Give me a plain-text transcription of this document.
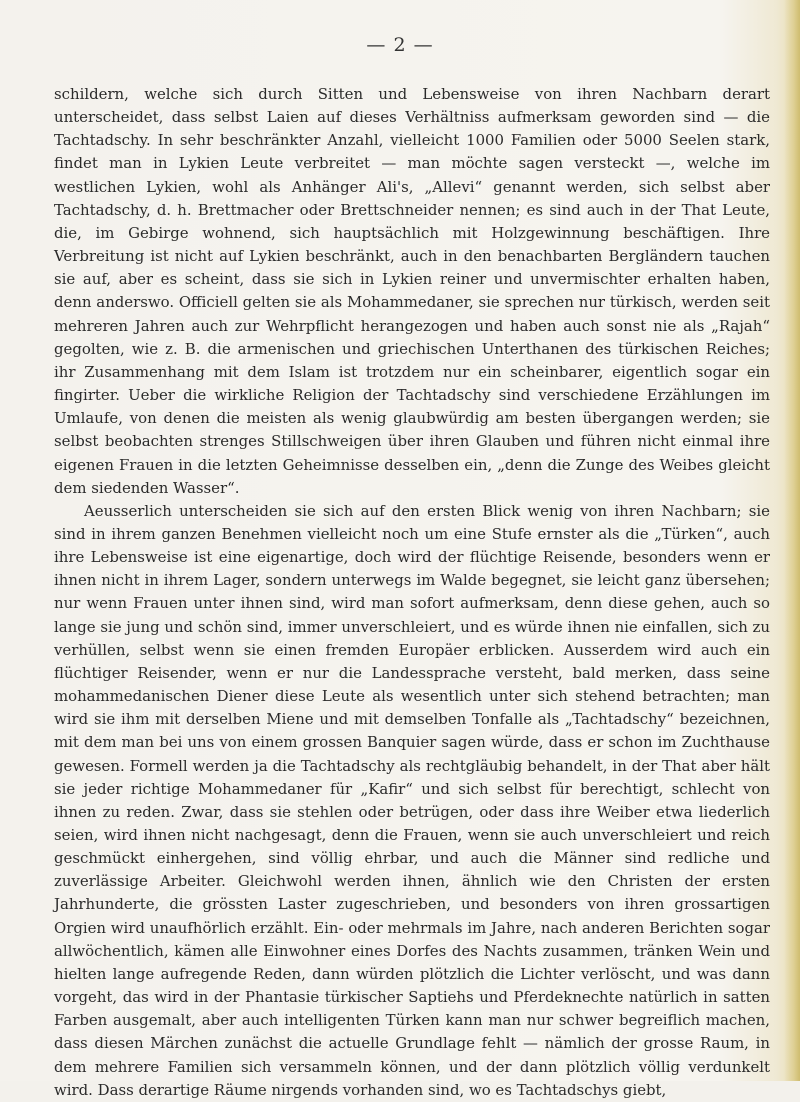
— 2 —

schildern, welche sich durch Sitten und Lebensweise von ihren Nachbarn derart unterscheidet, dass selbst Laien auf dieses Verhältniss aufmerksam geworden sind — die Tachtadschy. In sehr beschränkter Anzahl, vielleicht 1000 Familien oder 5000 Seelen stark, findet man in Lykien Leute verbreitet — man möchte sagen versteckt —, welche im westlichen Lykien, wohl als Anhänger Ali's, „Allevi“ genannt werden, sich selbst aber Tachtadschy, d. h. Brettmacher oder Brettschneider nennen; es sind auch in der That Leute, die, im Gebirge wohnend, sich hauptsächlich mit Holzgewinnung beschäftigen. Ihre Verbreitung ist nicht auf Lykien beschränkt, auch in den benachbarten Bergländern tauchen sie auf, aber es scheint, dass sie sich in Lykien reiner und unvermischter erhalten haben, denn anderswo. Officiell gelten sie als Mohammedaner, sie sprechen nur türkisch, werden seit mehreren Jahren auch zur Wehrpflicht herangezogen und haben auch sonst nie als „Rajah“ gegolten, wie z. B. die armenischen und griechischen Unterthanen des türkischen Reiches; ihr Zusammenhang mit dem Islam ist trotzdem nur ein scheinbarer, eigentlich sogar ein fingirter. Ueber die wirkliche Religion der Tachtadschy sind verschiedene Erzählungen im Umlaufe, von denen die meisten als wenig glaubwürdig am besten übergangen werden; sie selbst beobachten strenges Stillschweigen über ihren Glauben und führen nicht einmal ihre eigenen Frauen in die letzten Geheimnisse desselben ein, „denn die Zunge des Weibes gleicht dem siedenden Wasser“.

Aeusserlich unterscheiden sie sich auf den ersten Blick wenig von ihren Nachbarn; sie sind in ihrem ganzen Benehmen vielleicht noch um eine Stufe ernster als die „Türken“, auch ihre Lebensweise ist eine eigenartige, doch wird der flüchtige Reisende, besonders wenn er ihnen nicht in ihrem Lager, sondern unterwegs im Walde begegnet, sie leicht ganz übersehen; nur wenn Frauen unter ihnen sind, wird man sofort aufmerksam, denn diese gehen, auch so lange sie jung und schön sind, immer unverschleiert, und es würde ihnen nie einfallen, sich zu verhüllen, selbst wenn sie einen fremden Europäer erblicken. Ausserdem wird auch ein flüchtiger Reisender, wenn er nur die Landessprache versteht, bald merken, dass seine mohammedanischen Diener diese Leute als wesentlich unter sich stehend betrachten; man wird sie ihm mit derselben Miene und mit demselben Tonfalle als „Tachtadschy“ bezeichnen, mit dem man bei uns von einem grossen Banquier sagen würde, dass er schon im Zuchthause gewesen. Formell werden ja die Tachtadschy als rechtgläubig behandelt, in der That aber hält sie jeder richtige Mohammedaner für „Kafir“ und sich selbst für berechtigt, schlecht von ihnen zu reden. Zwar, dass sie stehlen oder betrügen, oder dass ihre Weiber etwa liederlich seien, wird ihnen nicht nachgesagt, denn die Frauen, wenn sie auch unverschleiert und reich geschmückt einhergehen, sind völlig ehrbar, und auch die Männer sind redliche und zuverlässige Arbeiter. Gleichwohl werden ihnen, ähnlich wie den Christen der ersten Jahrhunderte, die grössten Laster zugeschrieben, und besonders von ihren grossartigen Orgien wird unaufhörlich erzählt. Ein- oder mehrmals im Jahre, nach anderen Berichten sogar allwöchentlich, kämen alle Einwohner eines Dorfes des Nachts zusammen, tränken Wein und hielten lange aufregende Reden, dann würden plötzlich die Lichter verlöscht, und was dann vorgeht, das wird in der Phantasie türkischer Saptiehs und Pferdeknechte natürlich in satten Farben ausgemalt, aber auch intelligenten Türken kann man nur schwer begreiflich machen, dass diesen Märchen zunächst die actuelle Grundlage fehlt — nämlich der grosse Raum, in dem mehrere Familien sich versammeln können, und der dann plötzlich völlig verdunkelt wird. Dass derartige Räume nirgends vorhanden sind, wo es Tachtadschys giebt,
